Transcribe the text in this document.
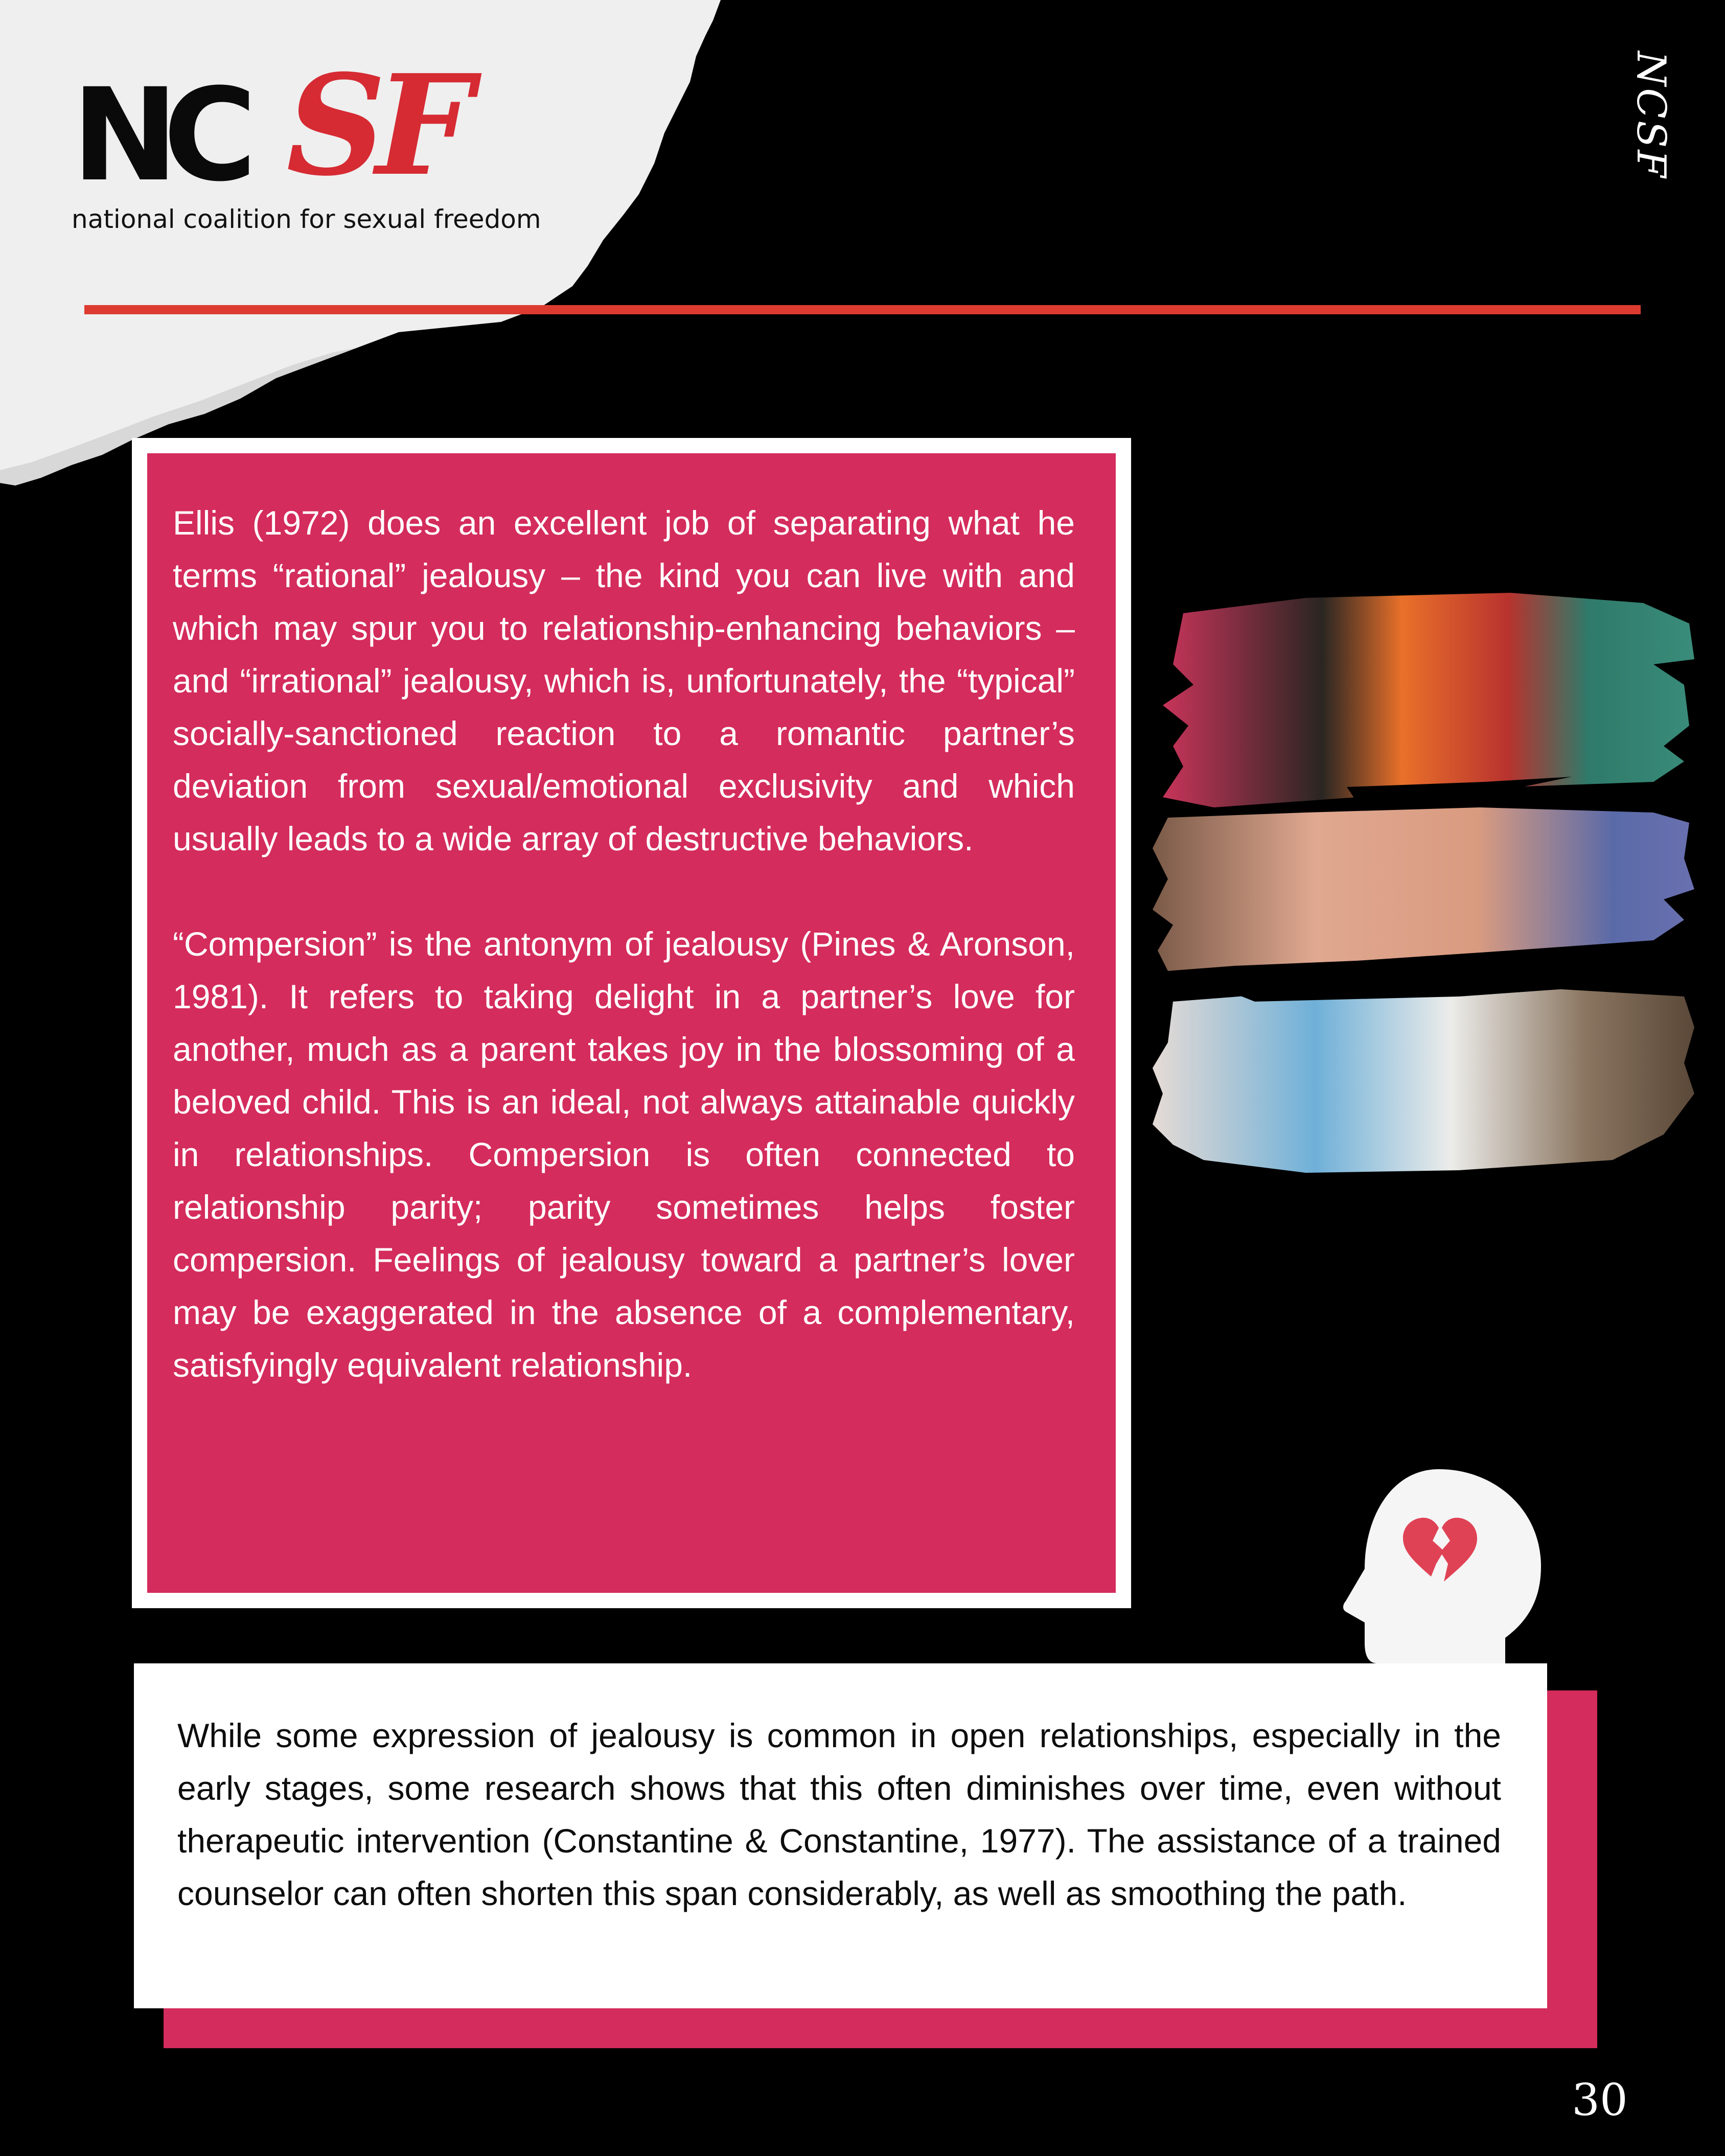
NC SF
national coalition for sexual freedom
NCSF

Ellis (1972) does an excellent job of separating what he terms “rational” jealousy – the kind you can live with and which may spur you to relationship-enhancing behaviors – and “irrational” jealousy, which is, unfortunately, the “typical” socially-sanctioned reaction to a romantic partner’s deviation from sexual/emotional exclusivity and which usually leads to a wide array of destructive behaviors.

“Compersion” is the antonym of jealousy (Pines & Aronson, 1981). It refers to taking delight in a partner’s love for another, much as a parent takes joy in the blossoming of a beloved child. This is an ideal, not always attainable quickly in relationships. Compersion is often connected to relationship parity; parity sometimes helps foster compersion. Feelings of jealousy toward a partner’s lover may be exaggerated in the absence of a complementary, satisfyingly equivalent relationship.

While some expression of jealousy is common in open relationships, especially in the early stages, some research shows that this often diminishes over time, even without therapeutic intervention (Constantine & Constantine, 1977). The assistance of a trained counselor can often shorten this span considerably, as well as smoothing the path.

30
